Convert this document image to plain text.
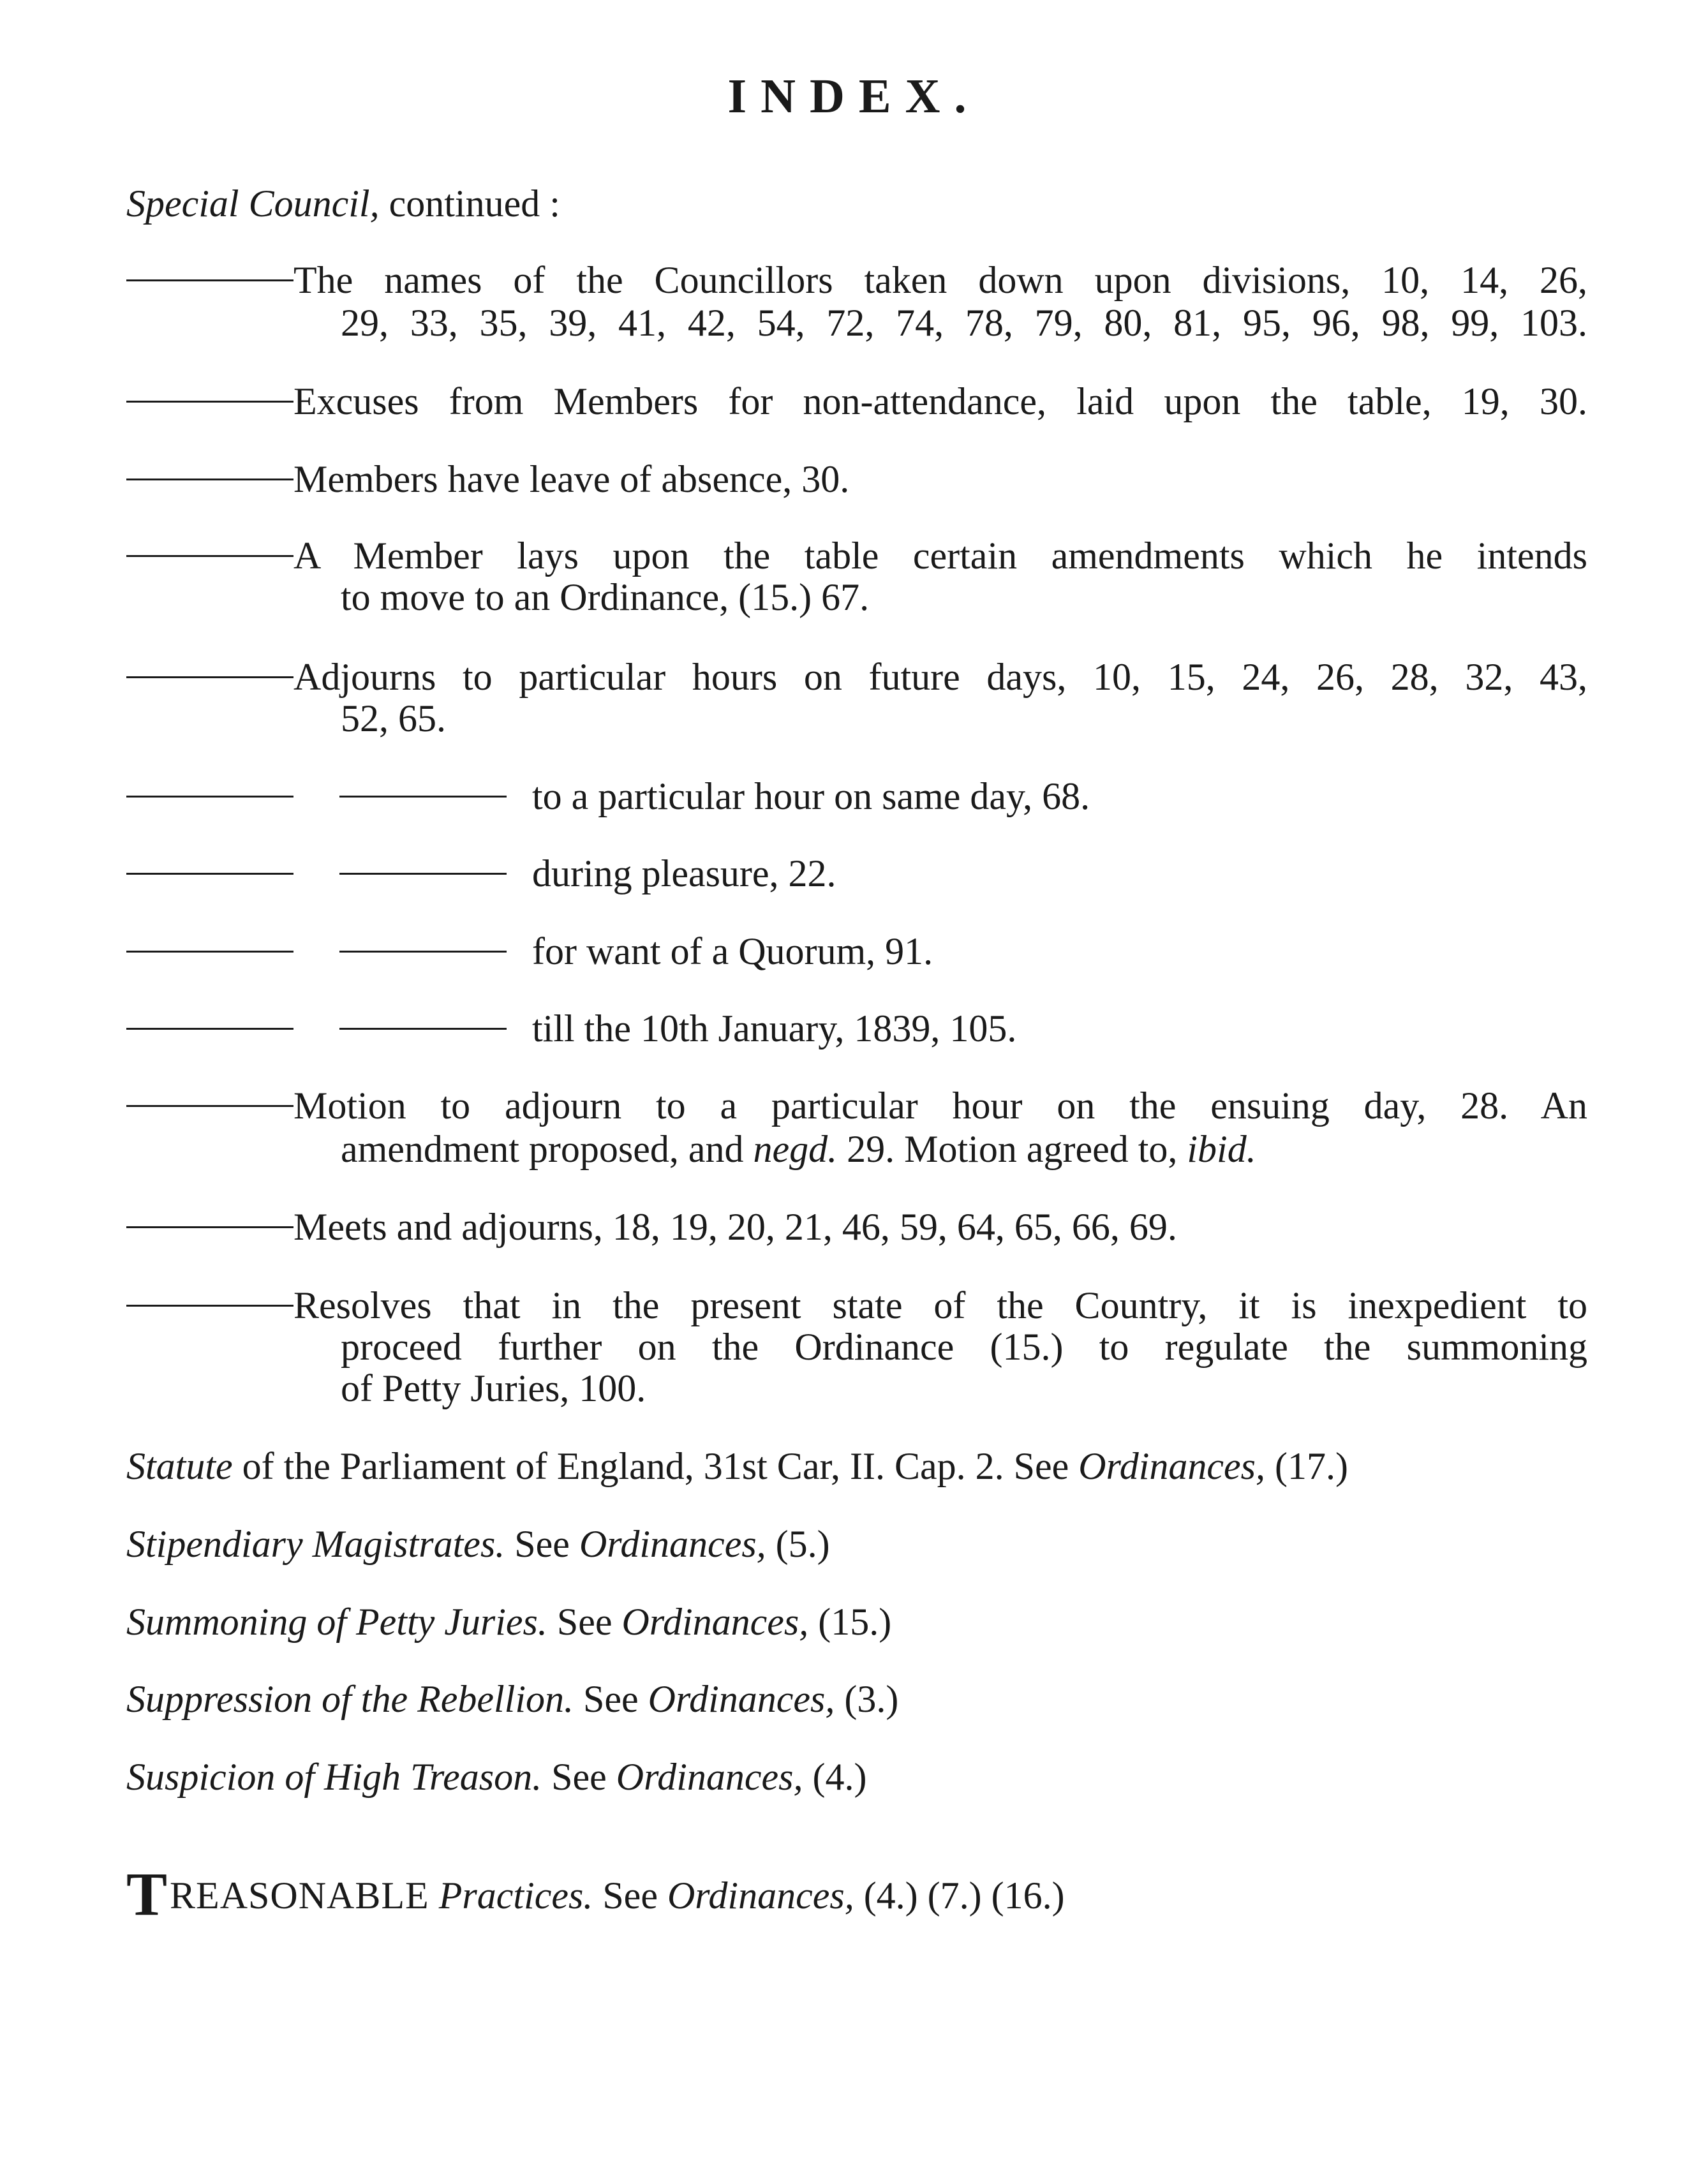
INDEX.
Special Council, continued :
The names of the Councillors taken down upon divisions, 10, 14, 26,
29, 33, 35, 39, 41, 42, 54, 72, 74, 78, 79, 80, 81, 95, 96, 98, 99, 103.
Excuses from Members for non-attendance, laid upon the table, 19, 30.
Members have leave of absence, 30.
A Member lays upon the table certain amendments which he intends
to move to an Ordinance, (15.) 67.
Adjourns to particular hours on future days, 10, 15, 24, 26, 28, 32, 43,
52, 65.
to a particular hour on same day, 68.
during pleasure, 22.
for want of a Quorum, 91.
till the 10th January, 1839, 105.
Motion to adjourn to a particular hour on the ensuing day, 28. An
amendment proposed, and negd. 29. Motion agreed to, ibid.
Meets and adjourns, 18, 19, 20, 21, 46, 59, 64, 65, 66, 69.
Resolves that in the present state of the Country, it is inexpedient to
proceed further on the Ordinance (15.) to regulate the summoning
of Petty Juries, 100.
Statute of the Parliament of England, 31st Car, II. Cap. 2. See Ordinances, (17.)
Stipendiary Magistrates. See Ordinances, (5.)
Summoning of Petty Juries. See Ordinances, (15.)
Suppression of the Rebellion. See Ordinances, (3.)
Suspicion of High Treason. See Ordinances, (4.)
TREASONABLE Practices. See Ordinances, (4.) (7.) (16.)
